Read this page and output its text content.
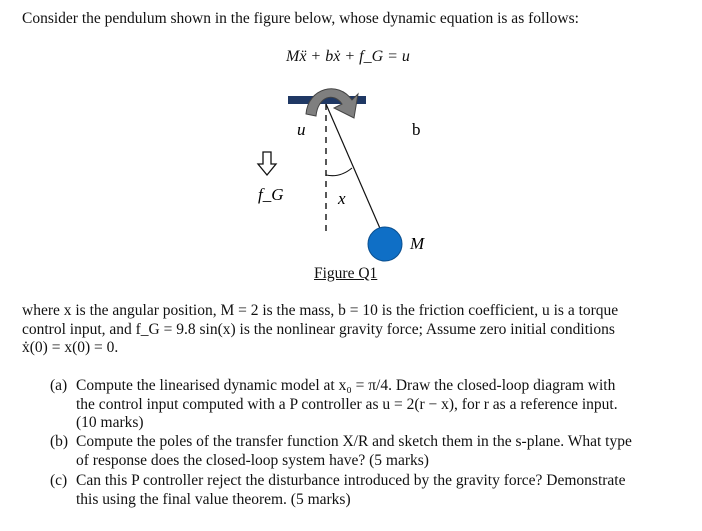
Consider the pendulum shown in the figure below, whose dynamic equation is as follows:
Mẍ + bẋ + f_G = u
u	b
f_G	x
M
Figure Q1
where x is the angular position, M = 2 is the mass, b = 10 is the friction coefficient, u is a torque
control input, and f_G = 9.8 sin(x) is the nonlinear gravity force; Assume zero initial conditions
ẋ(0) = x(0) = 0.
(a) Compute the linearised dynamic model at x₀ = π/4. Draw the closed-loop diagram with
the control input computed with a P controller as u = 2(r − x), for r as a reference input.
(10 marks)
(b) Compute the poles of the transfer function X/R and sketch them in the s-plane. What type
of response does the closed-loop system have? (5 marks)
(c) Can this P controller reject the disturbance introduced by the gravity force? Demonstrate
this using the final value theorem. (5 marks)
